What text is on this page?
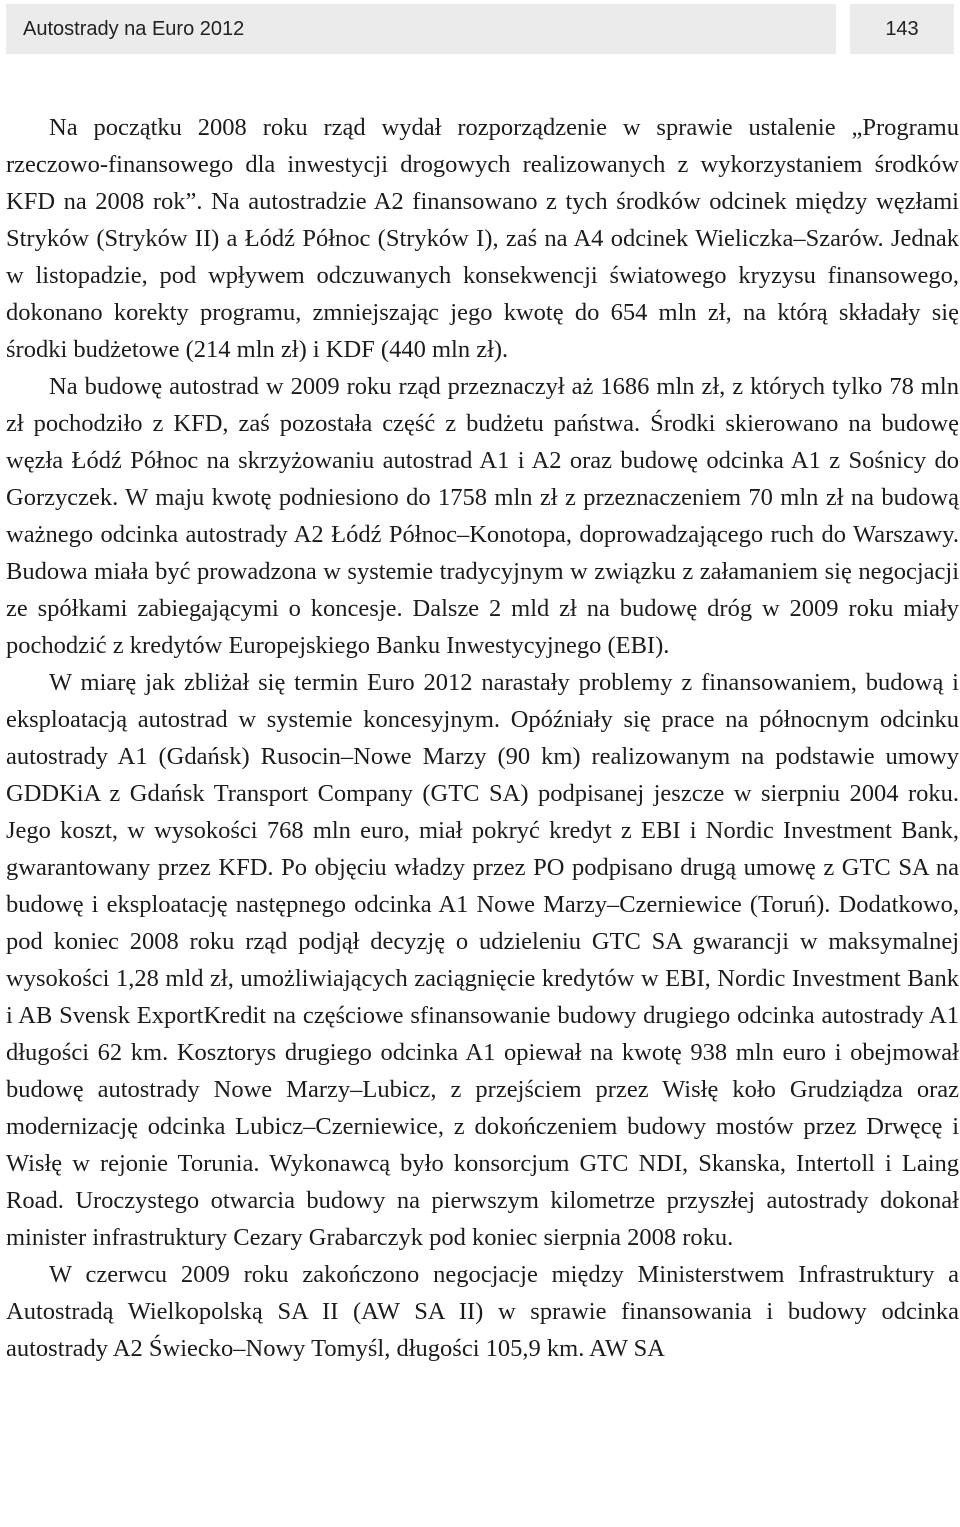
Autostrady na Euro 2012	143

Na początku 2008 roku rząd wydał rozporządzenie w sprawie ustalenie „Programu rzeczowo-finansowego dla inwestycji drogowych realizowanych z wykorzystaniem środków KFD na 2008 rok”. Na autostradzie A2 finansowano z tych środków odcinek między węzłami Stryków (Stryków II) a Łódź Północ (Stryków I), zaś na A4 odcinek Wieliczka–Szarów. Jednak w listopadzie, pod wpływem odczuwanych konsekwencji światowego kryzysu finansowego, dokonano korekty programu, zmniejszając jego kwotę do 654 mln zł, na którą składały się środki budżetowe (214 mln zł) i KDF (440 mln zł).

Na budowę autostrad w 2009 roku rząd przeznaczył aż 1686 mln zł, z których tylko 78 mln zł pochodziło z KFD, zaś pozostała część z budżetu państwa. Środki skierowano na budowę węzła Łódź Północ na skrzyżowaniu autostrad A1 i A2 oraz budowę odcinka A1 z Sośnicy do Gorzyczek. W maju kwotę podniesiono do 1758 mln zł z przeznaczeniem 70 mln zł na budową ważnego odcinka autostrady A2 Łódź Północ–Konotopa, doprowadzającego ruch do Warszawy. Budowa miała być prowadzona w systemie tradycyjnym w związku z załamaniem się negocjacji ze spółkami zabiegającymi o koncesje. Dalsze 2 mld zł na budowę dróg w 2009 roku miały pochodzić z kredytów Europejskiego Banku Inwestycyjnego (EBI).

W miarę jak zbliżał się termin Euro 2012 narastały problemy z finansowaniem, budową i eksploatacją autostrad w systemie koncesyjnym. Opóźniały się prace na północnym odcinku autostrady A1 (Gdańsk) Rusocin–Nowe Marzy (90 km) realizowanym na podstawie umowy GDDKiA z Gdańsk Transport Company (GTC SA) podpisanej jeszcze w sierpniu 2004 roku. Jego koszt, w wysokości 768 mln euro, miał pokryć kredyt z EBI i Nordic Investment Bank, gwarantowany przez KFD. Po objęciu władzy przez PO podpisano drugą umowę z GTC SA na budowę i eksploatację następnego odcinka A1 Nowe Marzy–Czerniewice (Toruń). Dodatkowo, pod koniec 2008 roku rząd podjął decyzję o udzieleniu GTC SA gwarancji w maksymalnej wysokości 1,28 mld zł, umożliwiających zaciągnięcie kredytów w EBI, Nordic Investment Bank i AB Svensk ExportKredit na częściowe sfinansowanie budowy drugiego odcinka autostrady A1 długości 62 km. Kosztorys drugiego odcinka A1 opiewał na kwotę 938 mln euro i obejmował budowę autostrady Nowe Marzy–Lubicz, z przejściem przez Wisłę koło Grudziądza oraz modernizację odcinka Lubicz–Czerniewice, z dokończeniem budowy mostów przez Drwęcę i Wisłę w rejonie Torunia. Wykonawcą było konsorcjum GTC NDI, Skanska, Intertoll i Laing Road. Uroczystego otwarcia budowy na pierwszym kilometrze przyszłej autostrady dokonał minister infrastruktury Cezary Grabarczyk pod koniec sierpnia 2008 roku.

W czerwcu 2009 roku zakończono negocjacje między Ministerstwem Infrastruktury a Autostradą Wielkopolską SA II (AW SA II) w sprawie finansowania i budowy odcinka autostrady A2 Świecko–Nowy Tomyśl, długości 105,9 km. AW SA
